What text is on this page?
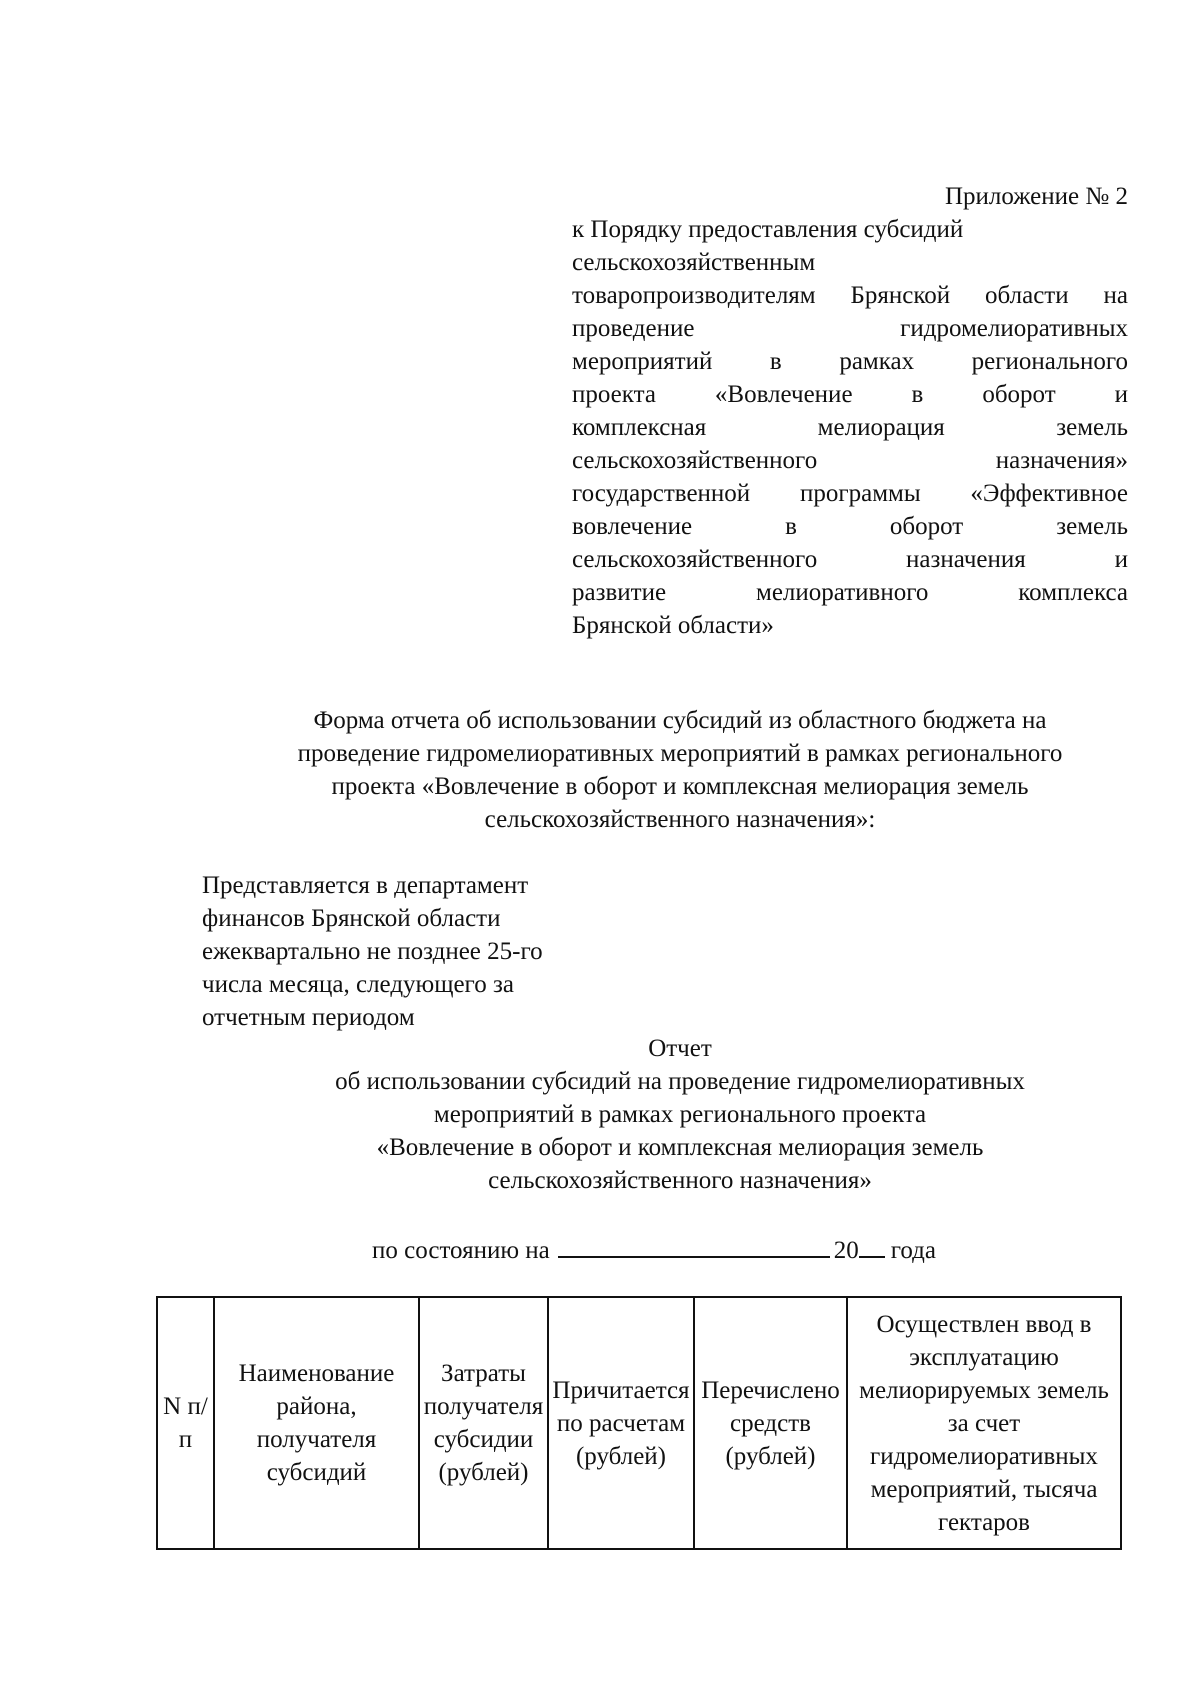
Приложение № 2
к Порядку предоставления субсидий
сельскохозяйственным
товаропроизводителям Брянской области на
проведение гидромелиоративных
мероприятий в рамках регионального
проекта «Вовлечение в оборот и
комплексная мелиорация земель
сельскохозяйственного назначения»
государственной программы «Эффективное
вовлечение в оборот земель
сельскохозяйственного назначения и
развитие мелиоративного комплекса
Брянской области»
Форма отчета об использовании субсидий из областного бюджета на
проведение гидромелиоративных мероприятий в рамках регионального
проекта «Вовлечение в оборот и комплексная мелиорация земель
сельскохозяйственного назначения»:
Представляется в департамент
финансов Брянской области
ежеквартально не позднее 25-го
числа месяца, следующего за
отчетным периодом
Отчет
об использовании субсидий на проведение гидромелиоративных
мероприятий в рамках регионального проекта
«Вовлечение в оборот и комплексная мелиорация земель
сельскохозяйственного назначения»
по состоянию на	20 года
N п/п	Наименование района, получателя субсидий	Затраты получателя субсидии (рублей)	Причитается по расчетам (рублей)	Перечислено средств (рублей)	Осуществлен ввод в эксплуатацию мелиорируемых земель за счет гидромелиоративных мероприятий, тысяча гектаров
